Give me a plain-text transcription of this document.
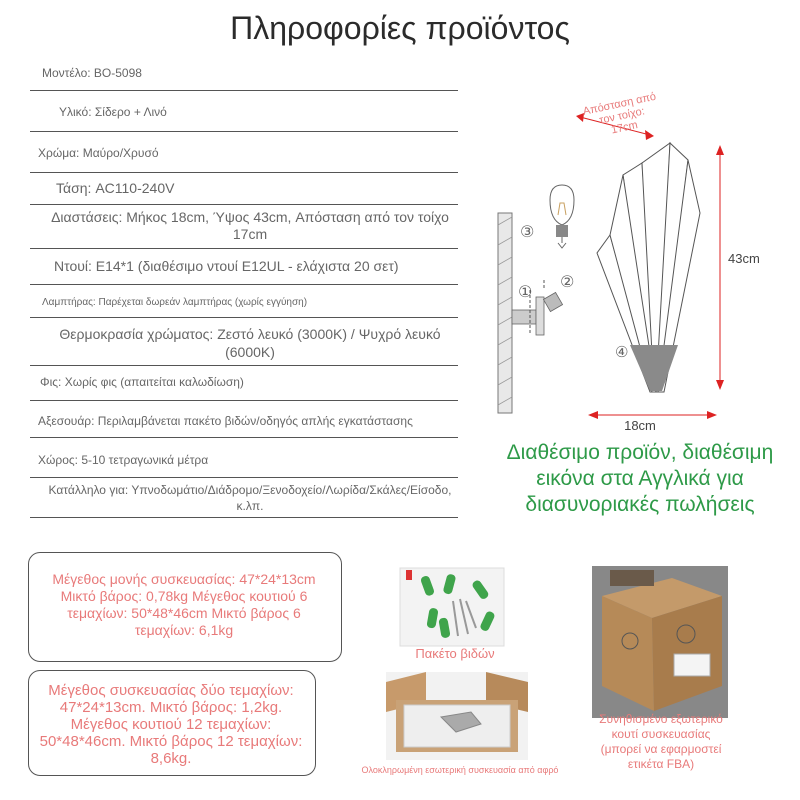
Πληροφορίες προϊόντος
Μοντέλο: BO-5098
Υλικό: Σίδερο + Λινό
Χρώμα: Μαύρο/Χρυσό
Τάση: AC110-240V
Διαστάσεις: Μήκος 18cm, Ύψος 43cm, Απόσταση από τον τοίχο 17cm
Ντουί: E14*1 (διαθέσιμο ντουί E12UL - ελάχιστα 20 σετ)
Λαμπτήρας: Παρέχεται δωρεάν λαμπτήρας (χωρίς εγγύηση)
Θερμοκρασία χρώματος: Ζεστό λευκό (3000K) / Ψυχρό λευκό (6000K)
Φις: Χωρίς φις (απαιτείται καλωδίωση)
Αξεσουάρ: Περιλαμβάνεται πακέτο βιδών/οδηγός απλής εγκατάστασης
Χώρος: 5-10 τετραγωνικά μέτρα
Κατάλληλο για: Υπνοδωμάτιο/Διάδρομο/Ξενοδοχείο/Λωρίδα/Σκάλες/Είσοδο, κ.λπ.
③
②
①
④
43cm
Απόσταση από τον τοίχο: 17cm
18cm
Διαθέσιμο προϊόν, διαθέσιμη εικόνα στα Αγγλικά για διασυνοριακές πωλήσεις
Μέγεθος μονής συσκευασίας: 47*24*13cm Μικτό βάρος: 0,78kg Μέγεθος κουτιού 6 τεμαχίων: 50*48*46cm Μικτό βάρος 6 τεμαχίων: 6,1kg
Μέγεθος συσκευασίας δύο τεμαχίων: 47*24*13cm. Μικτό βάρος: 1,2kg. Μέγεθος κουτιού 12 τεμαχίων: 50*48*46cm. Μικτό βάρος 12 τεμαχίων: 8,6kg.
Πακέτο βιδών
Ολοκληρωμένη εσωτερική συσκευασία από αφρό
Συνηθισμένο εξωτερικό κουτί συσκευασίας (μπορεί να εφαρμοστεί ετικέτα FBA)
